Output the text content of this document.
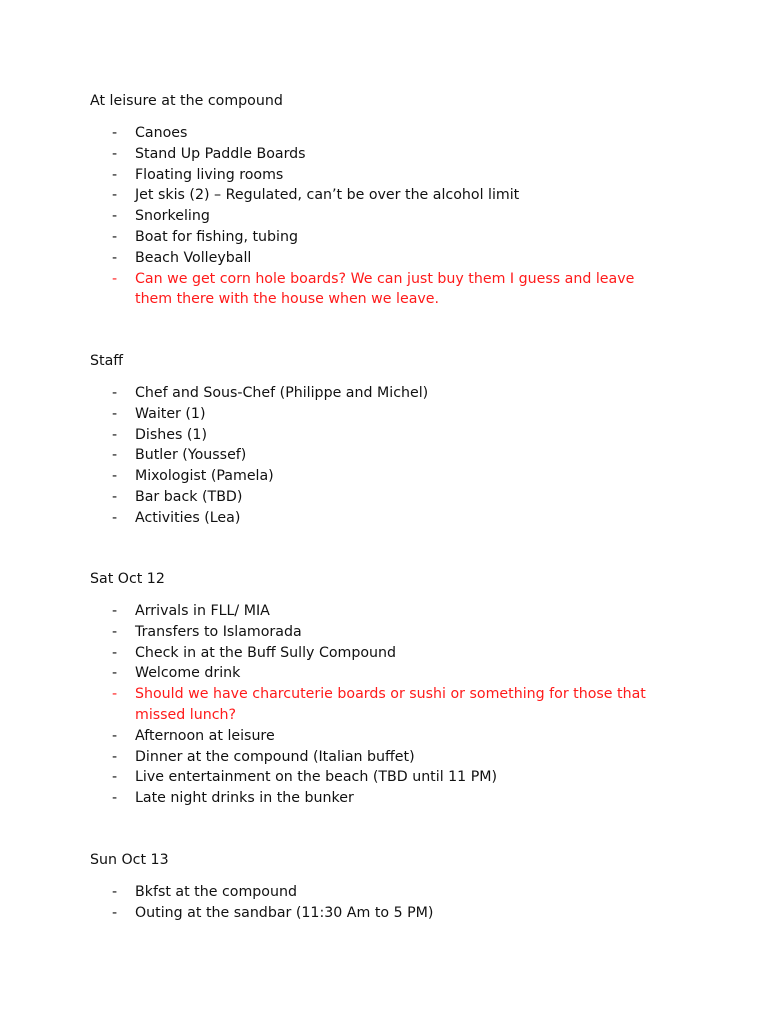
At leisure at the compound

- Canoes
- Stand Up Paddle Boards
- Floating living rooms
- Jet skis (2) – Regulated, can’t be over the alcohol limit
- Snorkeling
- Boat for fishing, tubing
- Beach Volleyball
- Can we get corn hole boards? We can just buy them I guess and leave them there with the house when we leave.

Staff

- Chef and Sous-Chef (Philippe and Michel)
- Waiter (1)
- Dishes (1)
- Butler (Youssef)
- Mixologist (Pamela)
- Bar back (TBD)
- Activities (Lea)

Sat Oct 12

- Arrivals in FLL/ MIA
- Transfers to Islamorada
- Check in at the Buff Sully Compound
- Welcome drink
- Should we have charcuterie boards or sushi or something for those that missed lunch?
- Afternoon at leisure
- Dinner at the compound (Italian buffet)
- Live entertainment on the beach (TBD until 11 PM)
- Late night drinks in the bunker

Sun Oct 13

- Bkfst at the compound
- Outing at the sandbar (11:30 Am to 5 PM)
